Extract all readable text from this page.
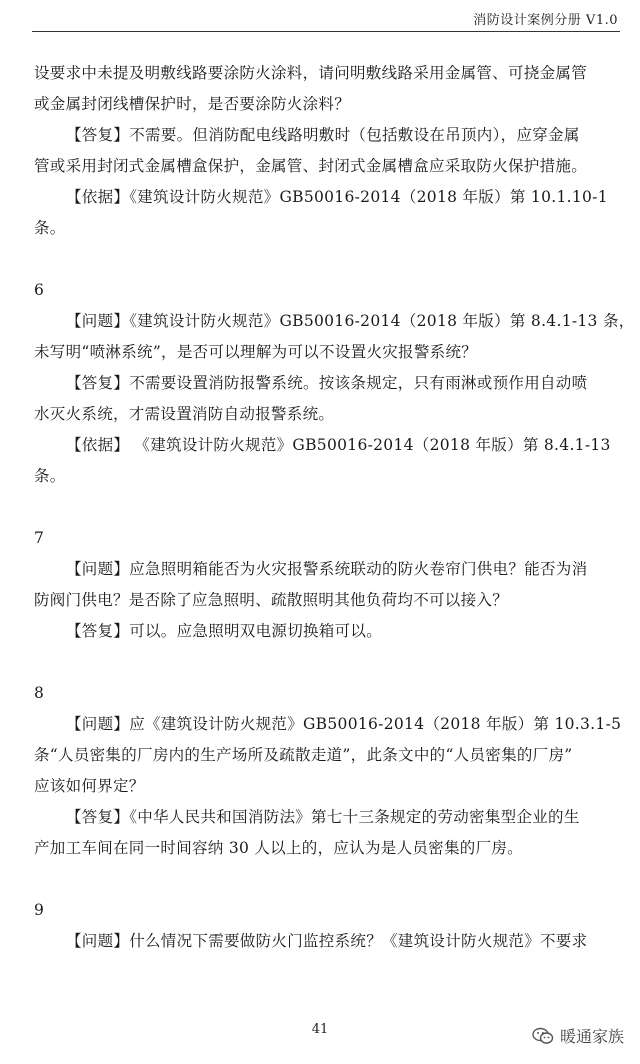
消防设计案例分册 V1.0
设要求中未提及明敷线路要涂防火涂料，请问明敷线路采用金属管、可挠金属管
或金属封闭线槽保护时，是否要涂防火涂料？
【答复】不需要。但消防配电线路明敷时（包括敷设在吊顶内），应穿金属
管或采用封闭式金属槽盒保护，金属管、封闭式金属槽盒应采取防火保护措施。
【依据】《建筑设计防火规范》GB50016-2014（2018 年版）第 10.1.10-1
条。
6
【问题】《建筑设计防火规范》GB50016-2014（2018 年版）第 8.4.1-13 条，
未写明“喷淋系统”，是否可以理解为可以不设置火灾报警系统？
【答复】不需要设置消防报警系统。按该条规定，只有雨淋或预作用自动喷
水灭火系统，才需设置消防自动报警系统。
【依据】 《建筑设计防火规范》GB50016-2014（2018 年版）第 8.4.1-13
条。
7
【问题】应急照明箱能否为火灾报警系统联动的防火卷帘门供电？能否为消
防阀门供电？是否除了应急照明、疏散照明其他负荷均不可以接入？
【答复】可以。应急照明双电源切换箱可以。
8
【问题】应《建筑设计防火规范》GB50016-2014（2018 年版）第 10.3.1-5
条“人员密集的厂房内的生产场所及疏散走道”，此条文中的“人员密集的厂房”
应该如何界定？
【答复】《中华人民共和国消防法》第七十三条规定的劳动密集型企业的生
产加工车间在同一时间容纳 30 人以上的，应认为是人员密集的厂房。
9
【问题】什么情况下需要做防火门监控系统？《建筑设计防火规范》不要求
41	暖通家族
